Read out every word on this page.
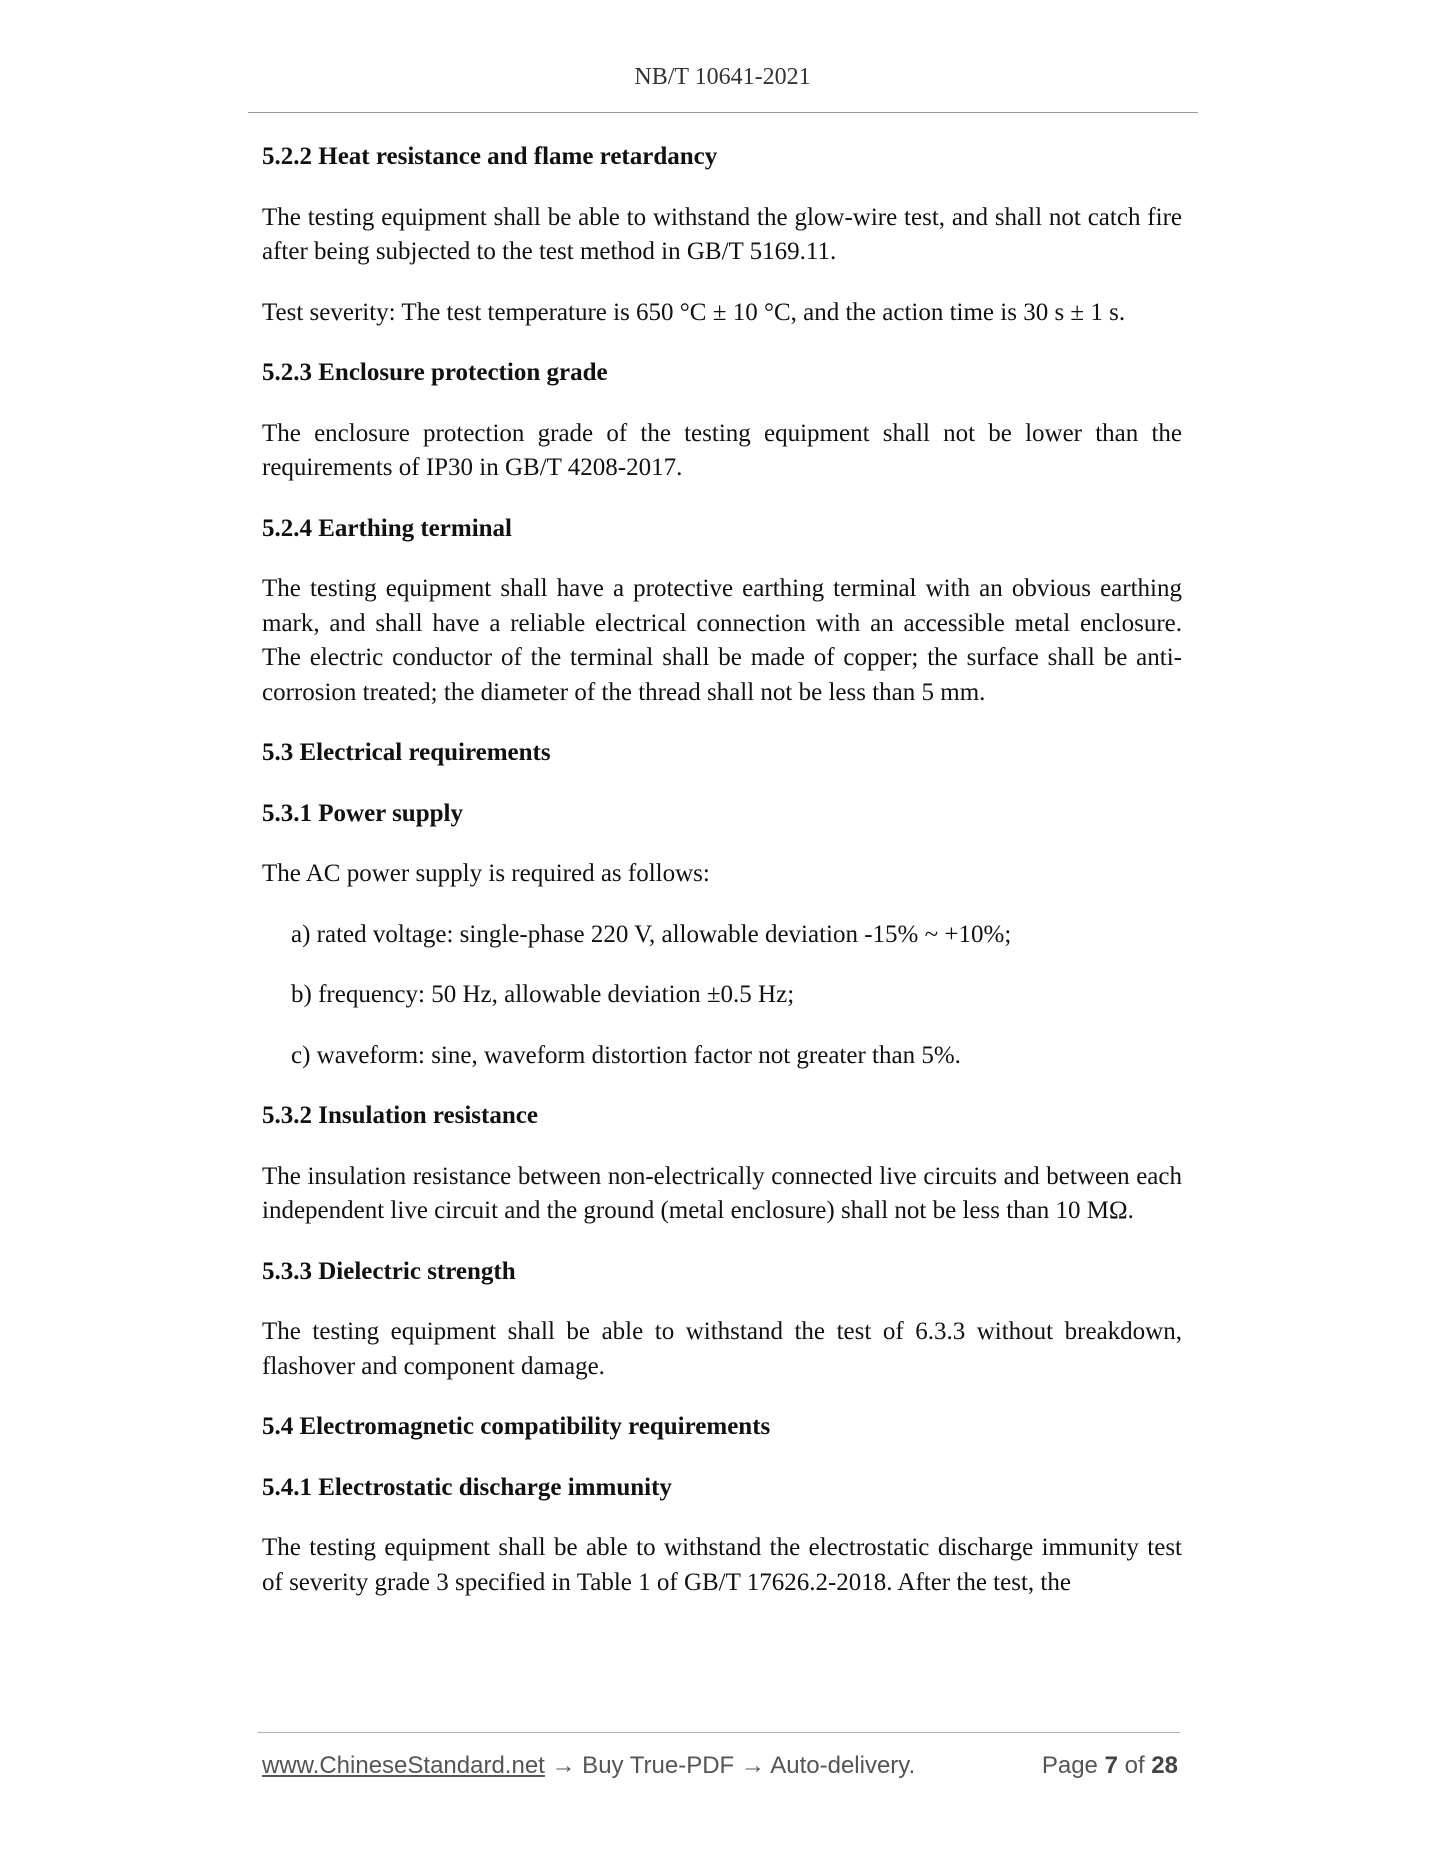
NB/T 10641-2021
5.2.2 Heat resistance and flame retardancy
The testing equipment shall be able to withstand the glow-wire test, and shall not catch fire after being subjected to the test method in GB/T 5169.11.
Test severity: The test temperature is 650 °C ± 10 °C, and the action time is 30 s ± 1 s.
5.2.3 Enclosure protection grade
The enclosure protection grade of the testing equipment shall not be lower than the requirements of IP30 in GB/T 4208-2017.
5.2.4 Earthing terminal
The testing equipment shall have a protective earthing terminal with an obvious earthing mark, and shall have a reliable electrical connection with an accessible metal enclosure. The electric conductor of the terminal shall be made of copper; the surface shall be anti-corrosion treated; the diameter of the thread shall not be less than 5 mm.
5.3 Electrical requirements
5.3.1 Power supply
The AC power supply is required as follows:
a) rated voltage: single-phase 220 V, allowable deviation -15% ~ +10%;
b) frequency: 50 Hz, allowable deviation ±0.5 Hz;
c) waveform: sine, waveform distortion factor not greater than 5%.
5.3.2 Insulation resistance
The insulation resistance between non-electrically connected live circuits and between each independent live circuit and the ground (metal enclosure) shall not be less than 10 MΩ.
5.3.3 Dielectric strength
The testing equipment shall be able to withstand the test of 6.3.3 without breakdown, flashover and component damage.
5.4 Electromagnetic compatibility requirements
5.4.1 Electrostatic discharge immunity
The testing equipment shall be able to withstand the electrostatic discharge immunity test of severity grade 3 specified in Table 1 of GB/T 17626.2-2018. After the test, the
www.ChineseStandard.net → Buy True-PDF → Auto-delivery.	Page 7 of 28
